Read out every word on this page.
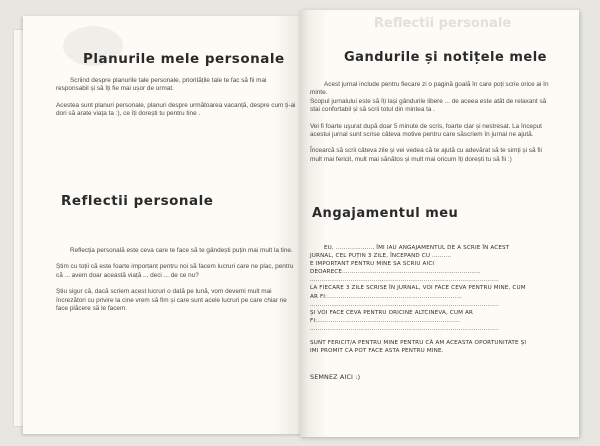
Planurile mele personale

Scriind despre planurile tale personale, prioritățile tale te fac să fii mai responsabil și să îți fie mai ușor de urmat.

Acestea sunt planuri personale, planuri despre următoarea vacanță, despre cum ți-ai dori să arate viața ta :), ce îți dorești tu pentru tine .

Reflectii personale

Reflecția personală este ceva care te face să te gândești puțin mai mult la tine.

Știm cu toții că este foarte important pentru noi să facem lucruri care ne plac, pentru că ... avem doar această viață ... deci ... de ce nu?

Știu sigur că, dacă scriem acest lucruri o dată pe lună, vom devemi mult mai încrezători cu privire la cine vrem să fim și care sunt acele lucruri pe care chiar ne face plăcere să le facem.

Reflectii personale
Gandurile și notițele mele

Acest jurnal include pentru fiecare zi o pagină goală în care poți scrie orice ai în minte.

Scopul jurnalului este să îți lași gândurile libere ... de aceea este atât de relaxant să stai confortabil și să scrii totul din mintea ta .

Vei fi foarte uşurat după doar 5 minute de scris, foarte clar și nestresat. La început acestui jurnal sunt scrise câteva motive pentru care săscriem în jurnal ne ajută.

Încearcă să scrii câteva zile și vei vedea că te ajută cu adevărat să te simți și să fii mult mai fericit, mult mai sănătos și mult mai oricum îți dorești tu să fii :)

Angajamentul meu
EU, ..................., ÎMI IAU ANGAJAMENTUL DE A SCRIE ÎN ACEST
JURNAL, CEL PUȚIN 3 ZILE, ÎNCEPAND CU ..........
E IMPORTANT PENTRU MINE SA SCRIU AICI
DEOARECE........................................................................
..................................................................................................
LA FIECARE 3 ZILE SCRISE ÎN JURNAL, VOI FACE CEVA PENTRU MINE, CUM
AR FI:......................................................................
..................................................................................................
ȘI VOI FACE CEVA PENTRU ORICINE ALTCINEVA, CUM AR
FI:..........................................................................
..................................................................................................
SUNT FERICIT/A PENTRU MINE PENTRU CĂ AM ACEASTA OPORTUNITATE ȘI
IMI PROMIT CA POT FACE ASTA PENTRU MINE.
SEMNEZ AICI :)
